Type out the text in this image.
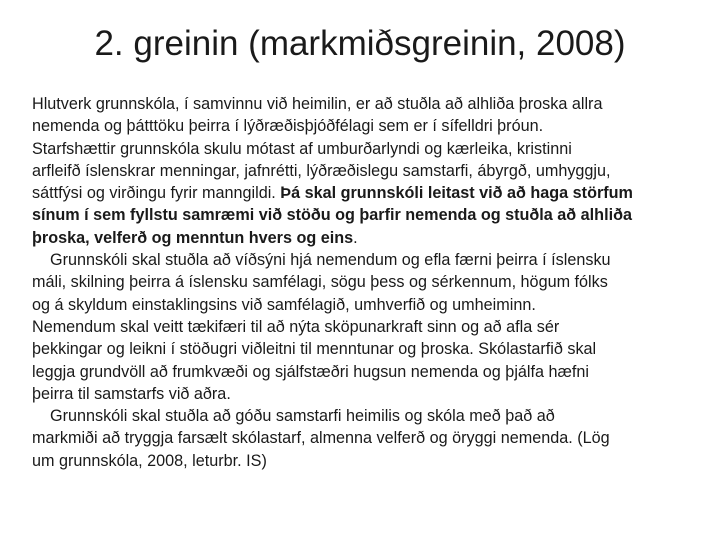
2. greinin (markmiðsgreinin, 2008)
Hlutverk grunnskóla, í samvinnu við heimilin, er að stuðla að alhliða þroska allra
nemenda og þátttöku þeirra í lýðræðisþjóðfélagi sem er í sífelldri þróun.
Starfshættir grunnskóla skulu mótast af umburðarlyndi og kærleika, kristinni
arfleifð íslenskrar menningar, jafnrétti, lýðræðislegu samstarfi, ábyrgð, umhyggju,
sáttfýsi og virðingu fyrir manngildi. Þá skal grunnskóli leitast við að haga störfum
sínum í sem fyllstu samræmi við stöðu og þarfir nemenda og stuðla að alhliða
þroska, velferð og menntun hvers og eins.
Grunnskóli skal stuðla að víðsýni hjá nemendum og efla færni þeirra í íslensku
máli, skilning þeirra á íslensku samfélagi, sögu þess og sérkennum, högum fólks
og á skyldum einstaklingsins við samfélagið, umhverfið og umheiminn.
Nemendum skal veitt tækifæri til að nýta sköpunarkraft sinn og að afla sér
þekkingar og leikni í stöðugri viðleitni til menntunar og þroska. Skólastarfið skal
leggja grundvöll að frumkvæði og sjálfstæðri hugsun nemenda og þjálfa hæfni
þeirra til samstarfs við aðra.
Grunnskóli skal stuðla að góðu samstarfi heimilis og skóla með það að
markmiði að tryggja farsælt skólastarf, almenna velferð og öryggi nemenda. (Lög
um grunnskóla, 2008, leturbr. IS)
